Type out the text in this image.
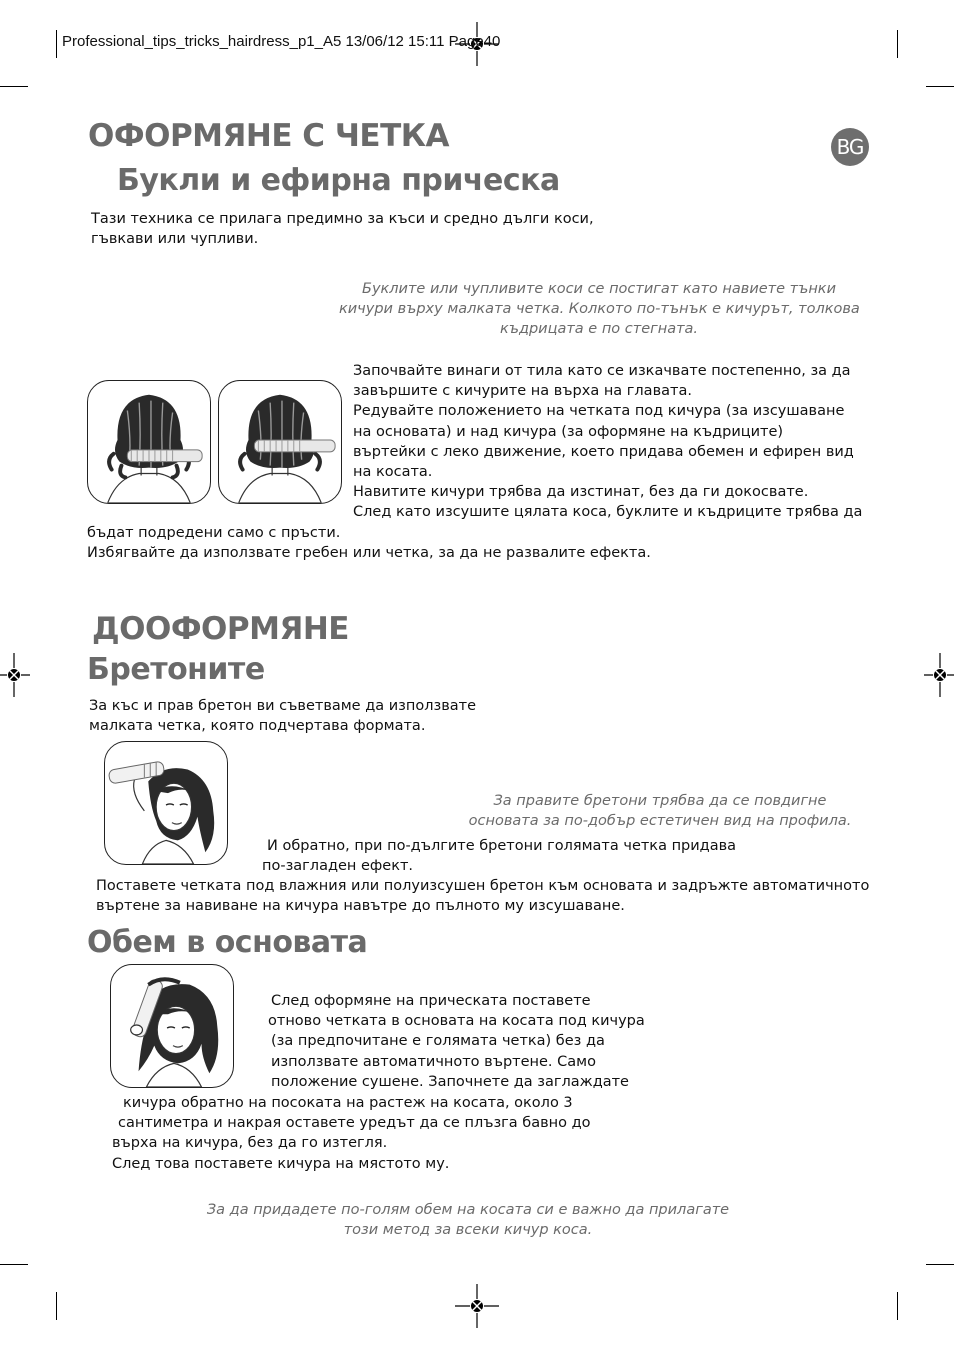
Professional_tips_tricks_hairdress_p1_A5 13/06/12 15:11 Page40
BG
ОФОРМЯНЕ С ЧЕТКА
Букли и ефирна прическа
Тази техника се прилага предимно за къси и средно дълги коси,
гъвкави или чупливи.
Буклите или чупливите коси се постигат като навиете тънки
кичури върху малката четка. Колкото по-тънък е кичурът, толкова
къдрицата е по стегната.
Започвайте винаги от тила като се изкачвате постепенно, за да
завършите с кичурите на върха на главата.
Редувайте положението на четката под кичура (за изсушаване
на основата) и над кичура (за оформяне на къдриците)
въртейки с леко движение, което придава обемен и ефирен вид
на косата.
Навитите кичури трябва да изстинат, без да ги докосвате.
След като изсушите цялата коса, буклите и къдриците трябва да
бъдат подредени само с пръсти.
Избягвайте да използвате гребен или четка, за да не развалите ефекта.
ДООФОРМЯНЕ
Бретоните
За къс и прав бретон ви съветваме да използвате
малката четка, която подчертава формата.
За правите бретони трябва да се повдигне
основата за по-добър естетичен вид на профила.
И обратно, при по-дългите бретони голямата четка придава
по-загладен ефект.
Поставете четката под влажния или полуизсушен бретон към основата и задръжте автоматичното
въртене за навиване на кичура навътре до пълното му изсушаване.
Обем в основата
След оформяне на прическата поставете
отново четката в основата на косата под кичура
(за предпочитане е голямата четка) без да
използвате автоматичното въртене. Само
положение сушене. Започнете да заглаждате
кичура обратно на посоката на растеж на косата, около 3
сантиметра и накрая оставете уредът да се плъзга бавно до
върха на кичура, без да го изтегля.
След това поставете кичура на мястото му.
За да придадете по-голям обем на косата си е важно да прилагате
този метод за всеки кичур коса.
